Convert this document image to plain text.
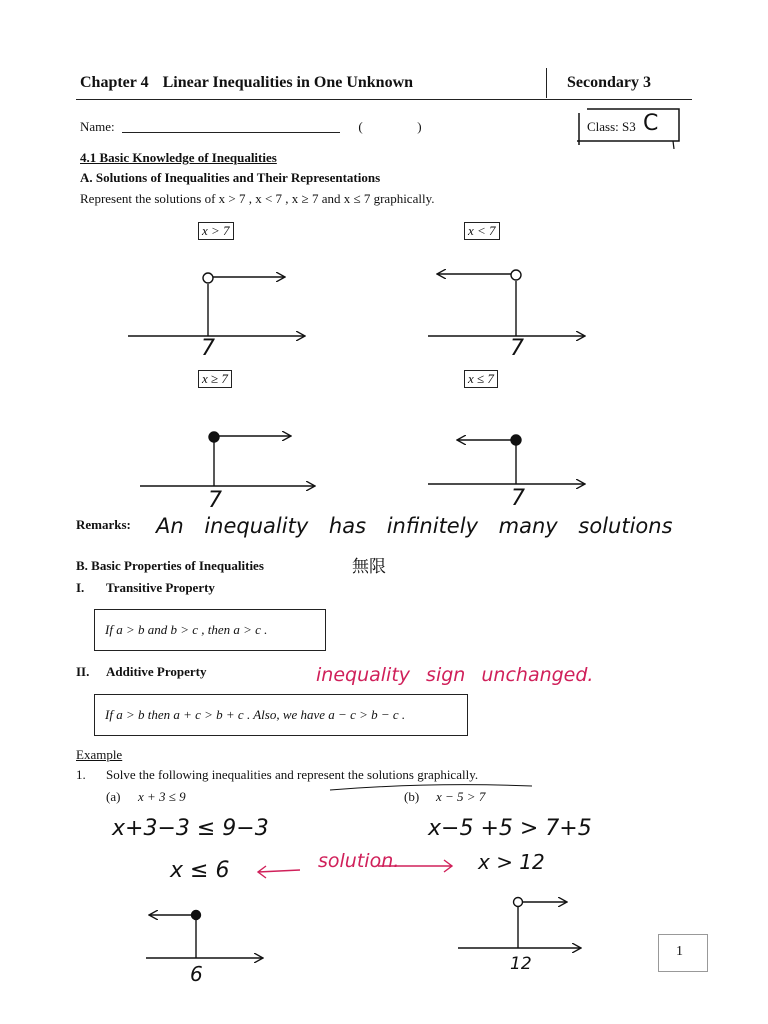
Chapter 4 Linear Inequalities in One Unknown	Secondary 3
Name:	(	)	Class: S3 C
4.1 Basic Knowledge of Inequalities
A. Solutions of Inequalities and Their Representations
Represent the solutions of x > 7 , x < 7 , x ≥ 7 and x ≤ 7 graphically.
x > 7	x < 7
x ≥ 7	x ≤ 7
7	7
7	7
Remarks: An inequality has infinitely many solutions
無限
B. Basic Properties of Inequalities
I. Transitive Property
If a > b and b > c , then a > c .
II. Additive Property	inequality sign unchanged.
If a > b then a + c > b + c . Also, we have a − c > b − c .
Example
1. Solve the following inequalities and represent the solutions graphically.
(a) x + 3 ≤ 9	(b) x − 5 > 7
x+3−3 ≤ 9−3	x−5 +5 > 7+5
x ≤ 6	solution.	x > 12
6	12
1
